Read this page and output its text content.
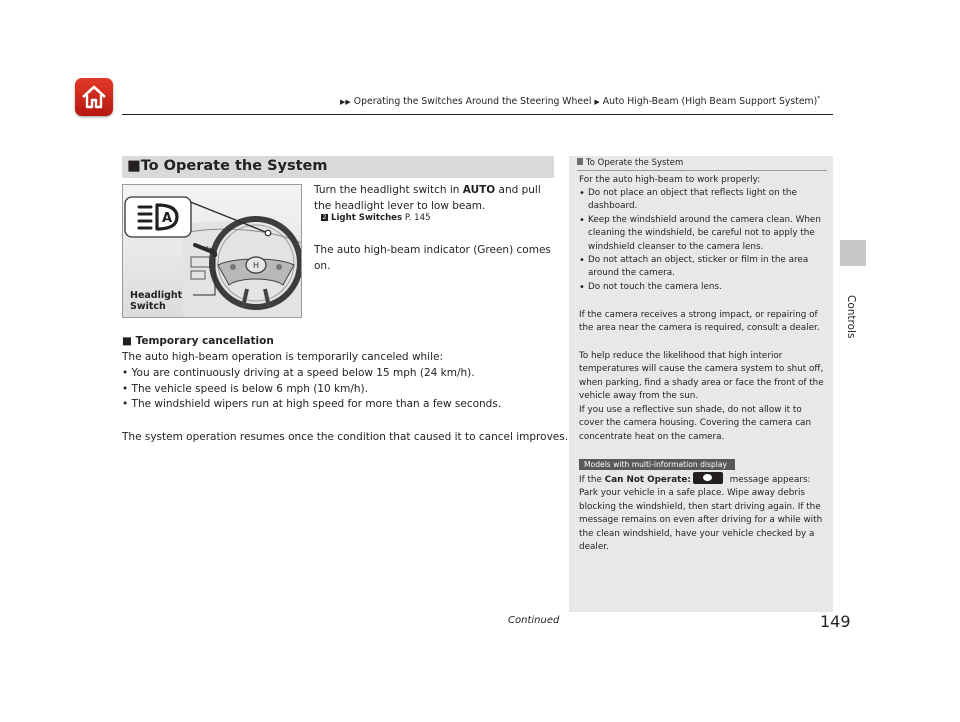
▶▶ Operating the Switches Around the Steering Wheel ▶ Auto High-Beam (High Beam Support System)*
Controls
■To Operate the System
H
A
Headlight
Switch
Turn the headlight switch in AUTO and pull the headlight lever to low beam.
2 Light Switches P. 145
The auto high-beam indicator (Green) comes on.
■ Temporary cancellation
The auto high-beam operation is temporarily canceled while:
• You are continuously driving at a speed below 15 mph (24 km/h).
• The vehicle speed is below 6 mph (10 km/h).
• The windshield wipers run at high speed for more than a few seconds.
The system operation resumes once the condition that caused it to cancel improves.
To Operate the System
For the auto high-beam to work properly:
• Do not place an object that reflects light on the dashboard.
• Keep the windshield around the camera clean. When cleaning the windshield, be careful not to apply the windshield cleanser to the camera lens.
• Do not attach an object, sticker or film in the area around the camera.
• Do not touch the camera lens.
If the camera receives a strong impact, or repairing of the area near the camera is required, consult a dealer.
To help reduce the likelihood that high interior temperatures will cause the camera system to shut off, when parking, find a shady area or face the front of the vehicle away from the sun.
If you use a reflective sun shade, do not allow it to cover the camera housing. Covering the camera can concentrate heat on the camera.
Models with multi-information display
If the Can Not Operate:	message appears: Park your vehicle in a safe place. Wipe away debris blocking the windshield, then start driving again. If the message remains on even after driving for a while with the clean windshield, have your vehicle checked by a dealer.
Continued	149
